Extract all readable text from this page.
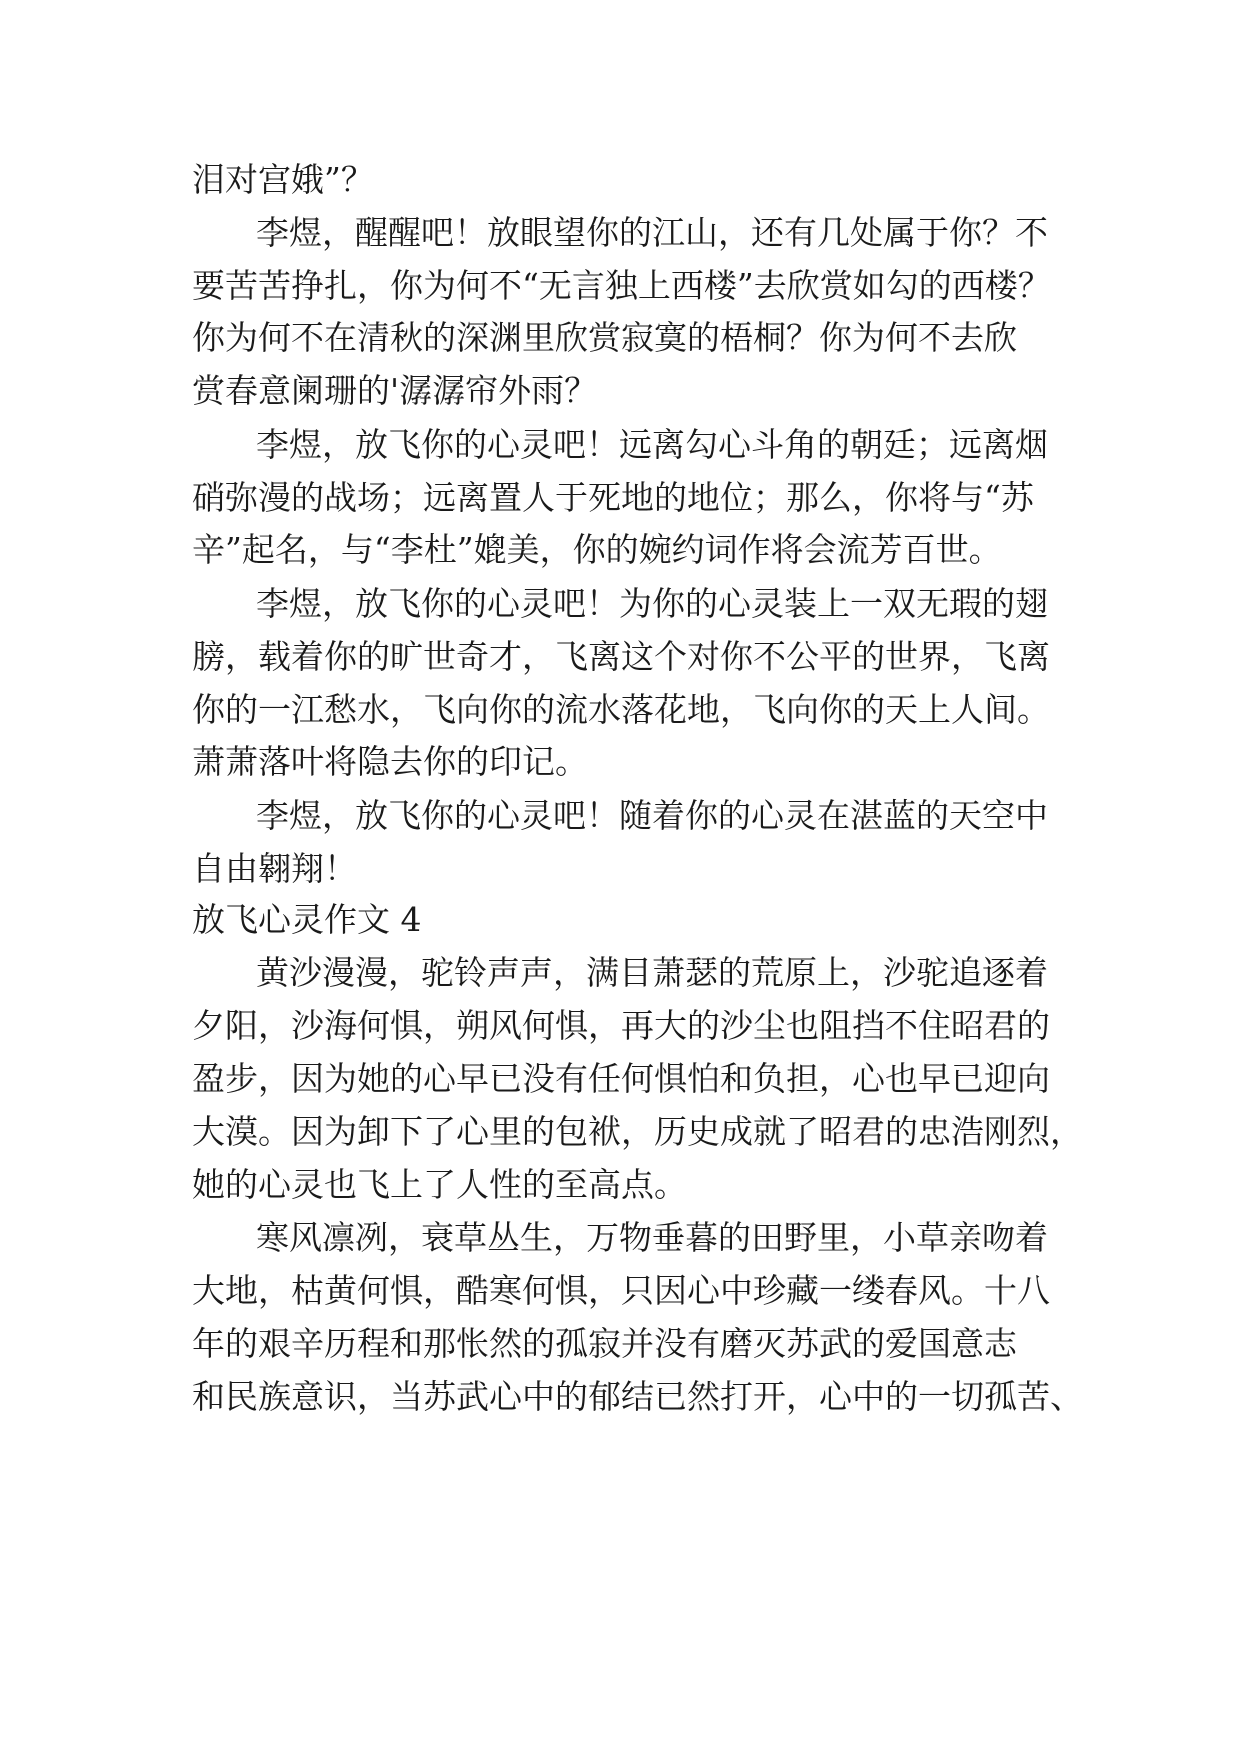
泪对宫娥”？
李煜，醒醒吧！放眼望你的江山，还有几处属于你？不
要苦苦挣扎，你为何不“无言独上西楼”去欣赏如勾的西楼？
你为何不在清秋的深渊里欣赏寂寞的梧桐？你为何不去欣
赏春意阑珊的'潺潺帘外雨？
李煜，放飞你的心灵吧！远离勾心斗角的朝廷；远离烟
硝弥漫的战场；远离置人于死地的地位；那么，你将与“苏
辛”起名，与“李杜”媲美，你的婉约词作将会流芳百世。
李煜，放飞你的心灵吧！为你的心灵装上一双无瑕的翅
膀，载着你的旷世奇才，飞离这个对你不公平的世界，飞离
你的一江愁水，飞向你的流水落花地，飞向你的天上人间。
萧萧落叶将隐去你的印记。
李煜，放飞你的心灵吧！随着你的心灵在湛蓝的天空中
自由翱翔！
放飞心灵作文 4
黄沙漫漫，驼铃声声，满目萧瑟的荒原上，沙驼追逐着
夕阳，沙海何惧，朔风何惧，再大的沙尘也阻挡不住昭君的
盈步，因为她的心早已没有任何惧怕和负担，心也早已迎向
大漠。因为卸下了心里的包袱，历史成就了昭君的忠浩刚烈，
她的心灵也飞上了人性的至高点。
寒风凛冽，衰草丛生，万物垂暮的田野里，小草亲吻着
大地，枯黄何惧，酷寒何惧，只因心中珍藏一缕春风。十八
年的艰辛历程和那怅然的孤寂并没有磨灭苏武的爱国意志
和民族意识，当苏武心中的郁结已然打开，心中的一切孤苦、
